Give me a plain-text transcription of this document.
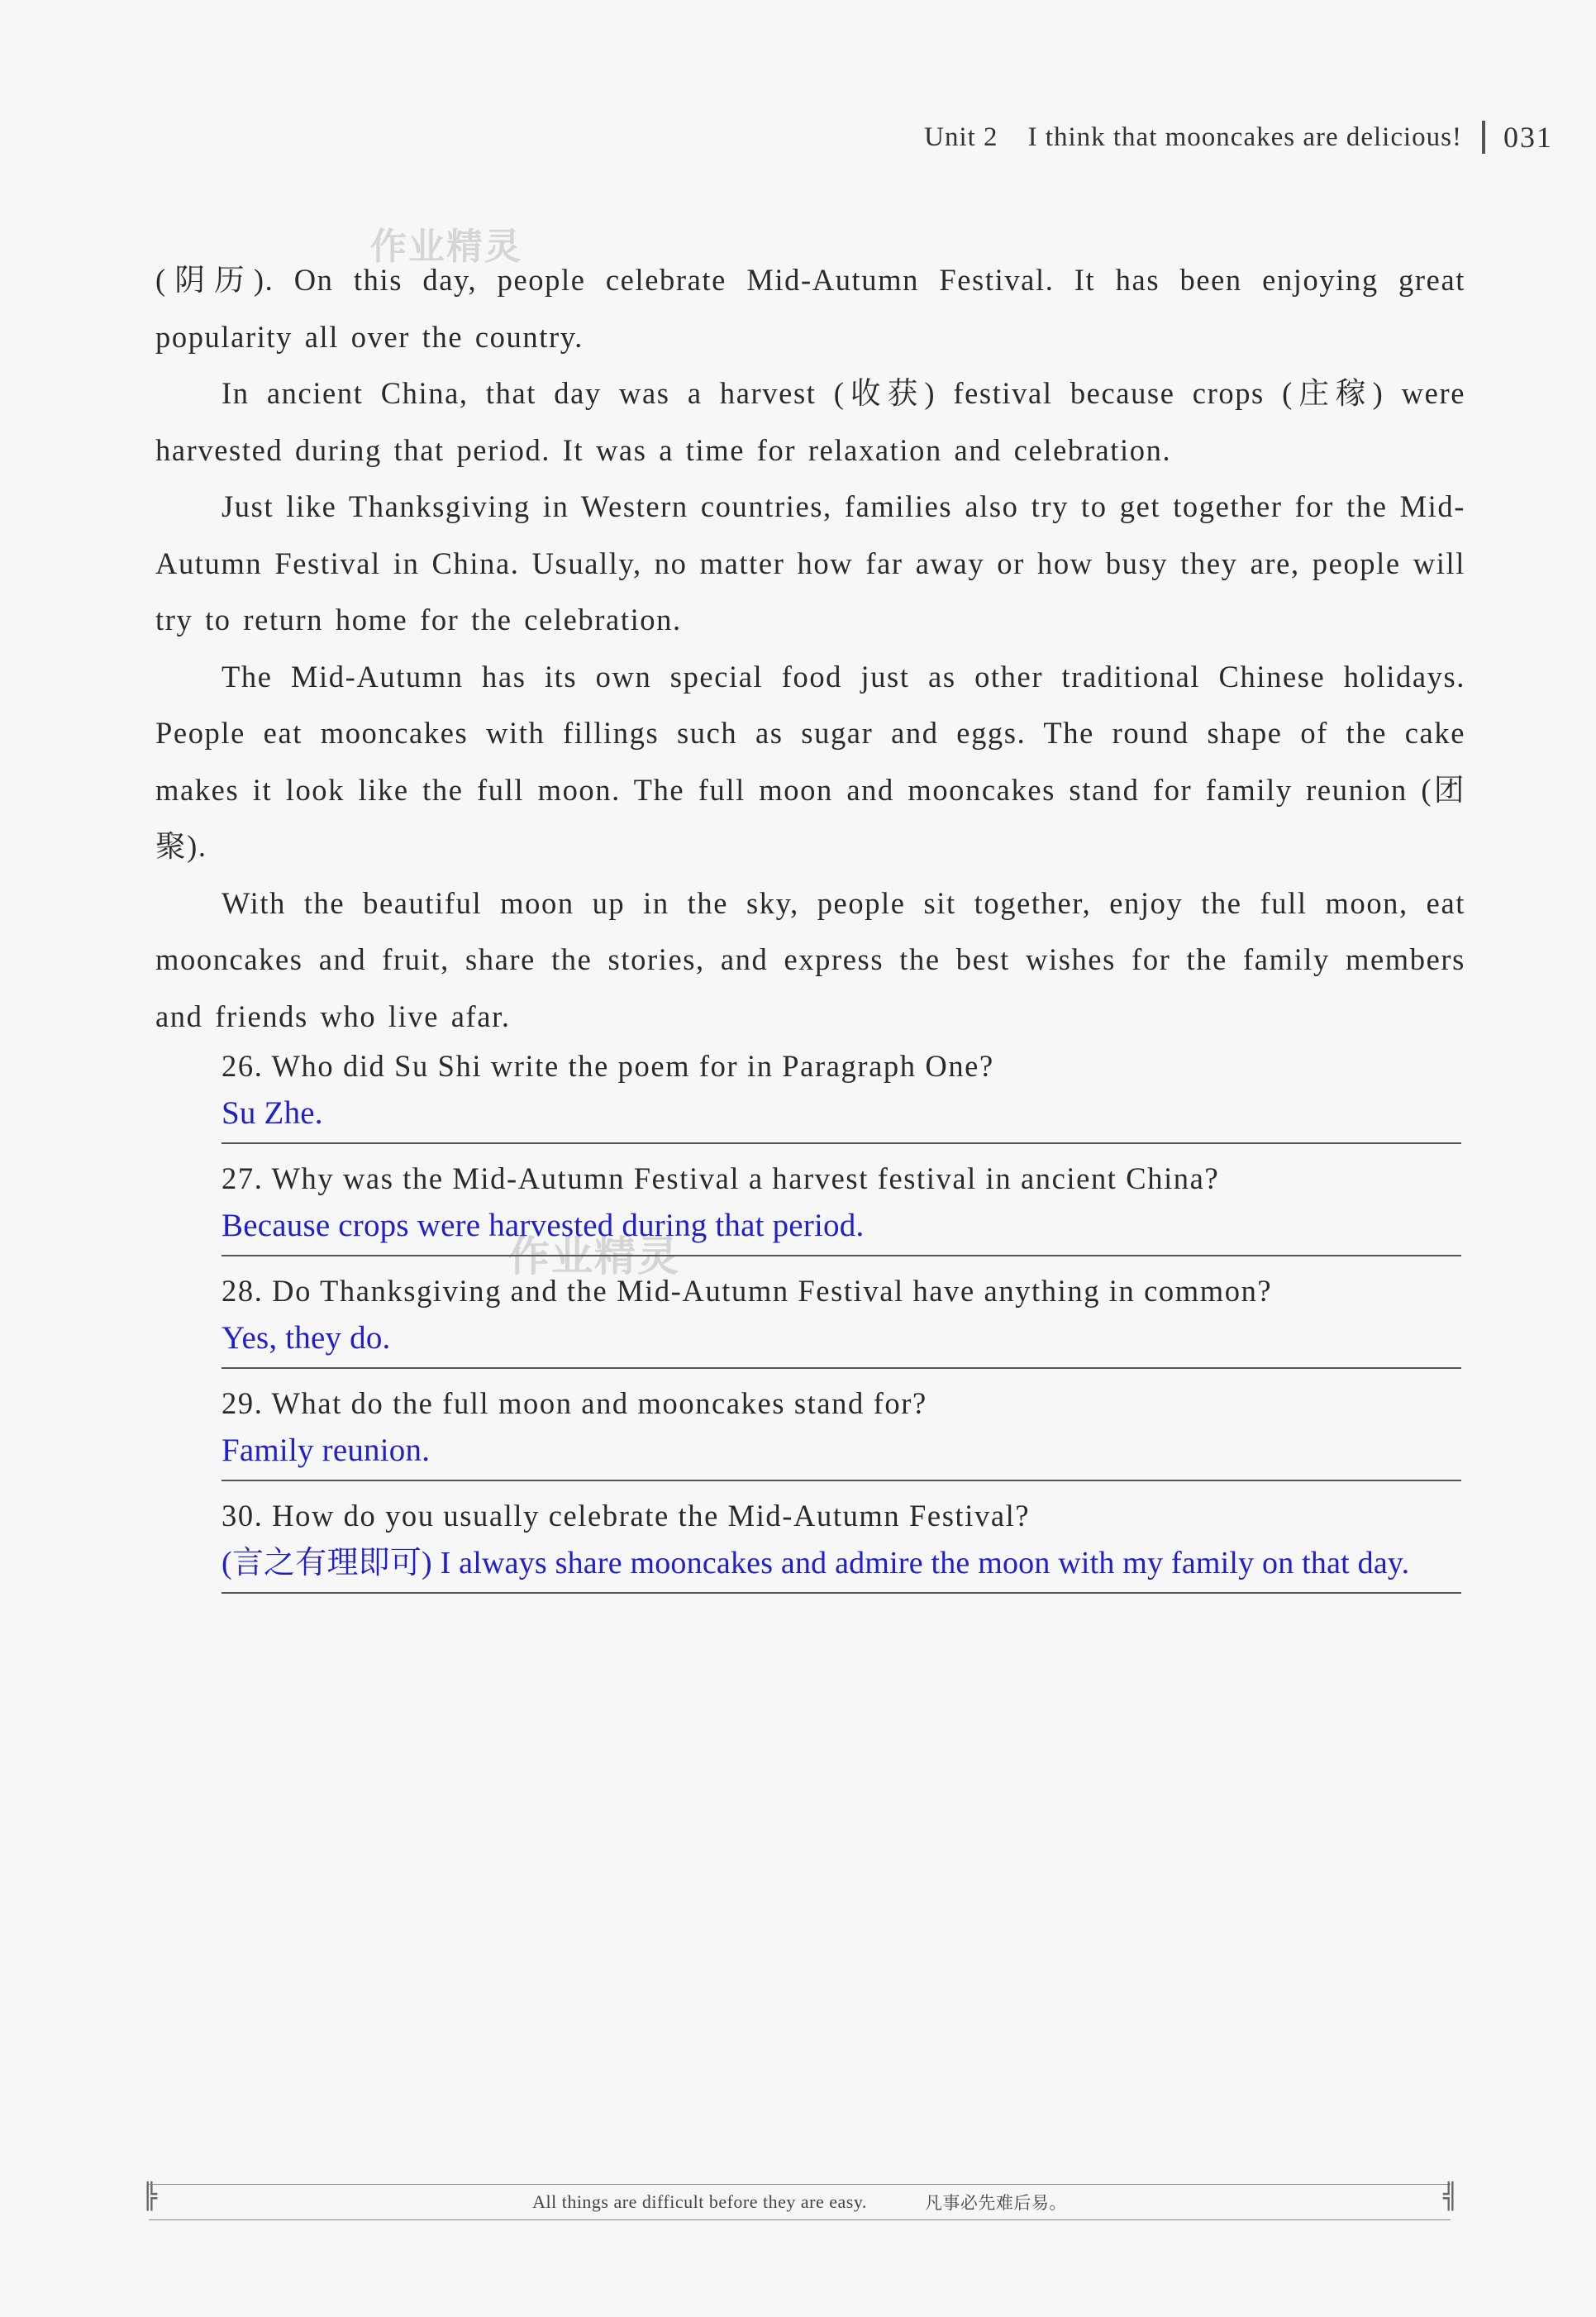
Unit 2 I think that mooncakes are delicious! 031
作业精灵
作业精灵

(阴历). On this day, people celebrate Mid-Autumn Festival. It has been enjoying great popularity all over the country.

In ancient China, that day was a harvest (收获) festival because crops (庄稼) were harvested during that period. It was a time for relaxation and celebration.

Just like Thanksgiving in Western countries, families also try to get together for the Mid-Autumn Festival in China. Usually, no matter how far away or how busy they are, people will try to return home for the celebration.

The Mid-Autumn has its own special food just as other traditional Chinese holidays. People eat mooncakes with fillings such as sugar and eggs. The round shape of the cake makes it look like the full moon. The full moon and mooncakes stand for family reunion (团聚).

With the beautiful moon up in the sky, people sit together, enjoy the full moon, eat mooncakes and fruit, share the stories, and express the best wishes for the family members and friends who live afar.

26. Who did Su Shi write the poem for in Paragraph One?
Su Zhe.
27. Why was the Mid-Autumn Festival a harvest festival in ancient China?
Because crops were harvested during that period.
28. Do Thanksgiving and the Mid-Autumn Festival have anything in common?
Yes, they do.
29. What do the full moon and mooncakes stand for?
Family reunion.
30. How do you usually celebrate the Mid-Autumn Festival?
(言之有理即可) I always share mooncakes and admire the moon with my family on that day.
╠	All things are difficult before they are easy.	凡事必先难后易。	╣
